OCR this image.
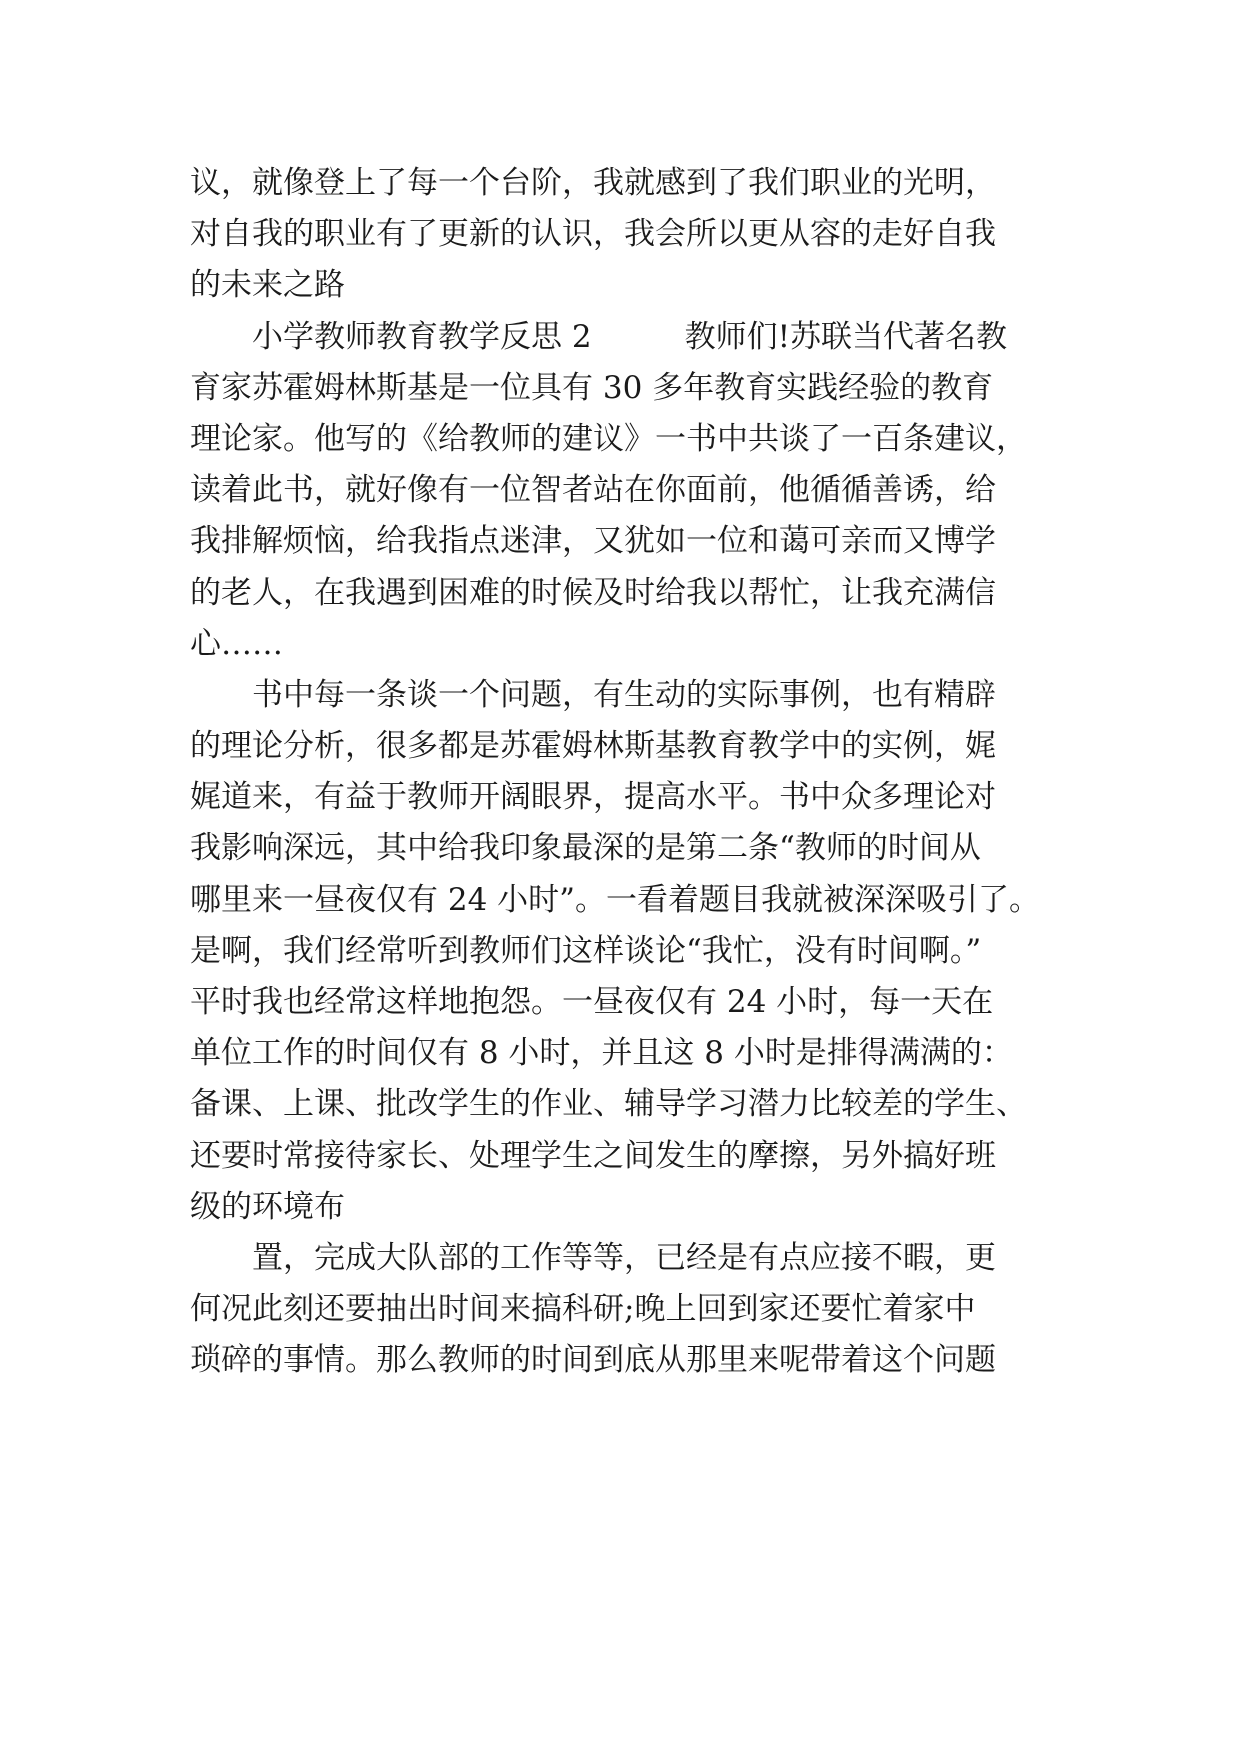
议，就像登上了每一个台阶，我就感到了我们职业的光明，
对自我的职业有了更新的认识，我会所以更从容的走好自我
的未来之路
　　小学教师教育教学反思 2　　　教师们!苏联当代著名教
育家苏霍姆林斯基是一位具有 30 多年教育实践经验的教育
理论家。他写的《给教师的建议》一书中共谈了一百条建议，
读着此书，就好像有一位智者站在你面前，他循循善诱，给
我排解烦恼，给我指点迷津，又犹如一位和蔼可亲而又博学
的老人，在我遇到困难的时候及时给我以帮忙，让我充满信
心……
　　书中每一条谈一个问题，有生动的实际事例，也有精辟
的理论分析，很多都是苏霍姆林斯基教育教学中的实例，娓
娓道来，有益于教师开阔眼界，提高水平。书中众多理论对
我影响深远，其中给我印象最深的是第二条“教师的时间从
哪里来一昼夜仅有 24 小时”。一看着题目我就被深深吸引了。
是啊，我们经常听到教师们这样谈论“我忙，没有时间啊。”
平时我也经常这样地抱怨。一昼夜仅有 24 小时，每一天在
单位工作的时间仅有 8 小时，并且这 8 小时是排得满满的：
备课、上课、批改学生的作业、辅导学习潜力比较差的学生、
还要时常接待家长、处理学生之间发生的摩擦，另外搞好班
级的环境布
　　置，完成大队部的工作等等，已经是有点应接不暇，更
何况此刻还要抽出时间来搞科研;晚上回到家还要忙着家中
琐碎的事情。那么教师的时间到底从那里来呢带着这个问题
